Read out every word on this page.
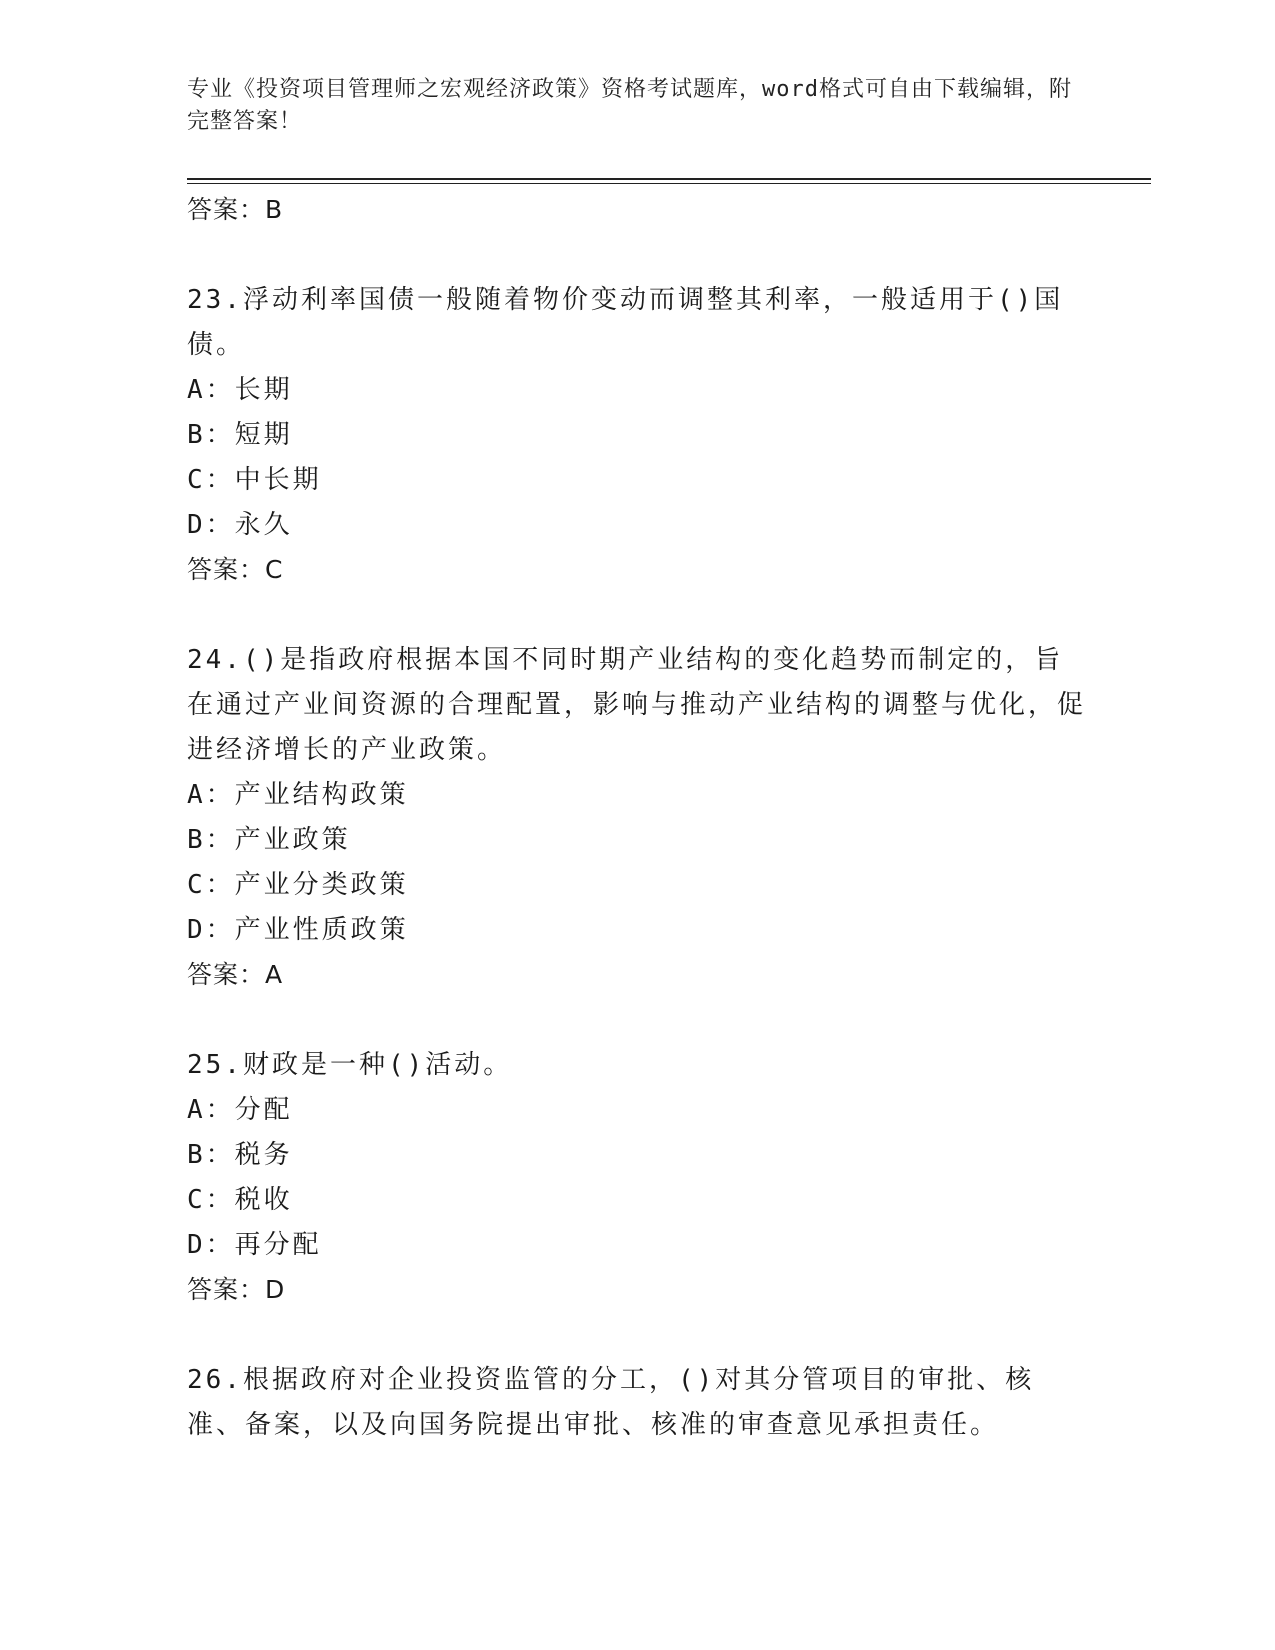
专业《投资项目管理师之宏观经济政策》资格考试题库，word格式可自由下载编辑，附完整答案！

答案：B

23.浮动利率国债一般随着物价变动而调整其利率，一般适用于()国债。

A：长期

B：短期

C：中长期

D：永久

答案：C

24.()是指政府根据本国不同时期产业结构的变化趋势而制定的，旨在通过产业间资源的合理配置，影响与推动产业结构的调整与优化，促进经济增长的产业政策。

A：产业结构政策

B：产业政策

C：产业分类政策

D：产业性质政策

答案：A

25.财政是一种()活动。

A：分配

B：税务

C：税收

D：再分配

答案：D

26.根据政府对企业投资监管的分工，()对其分管项目的审批、核准、备案，以及向国务院提出审批、核准的审查意见承担责任。
